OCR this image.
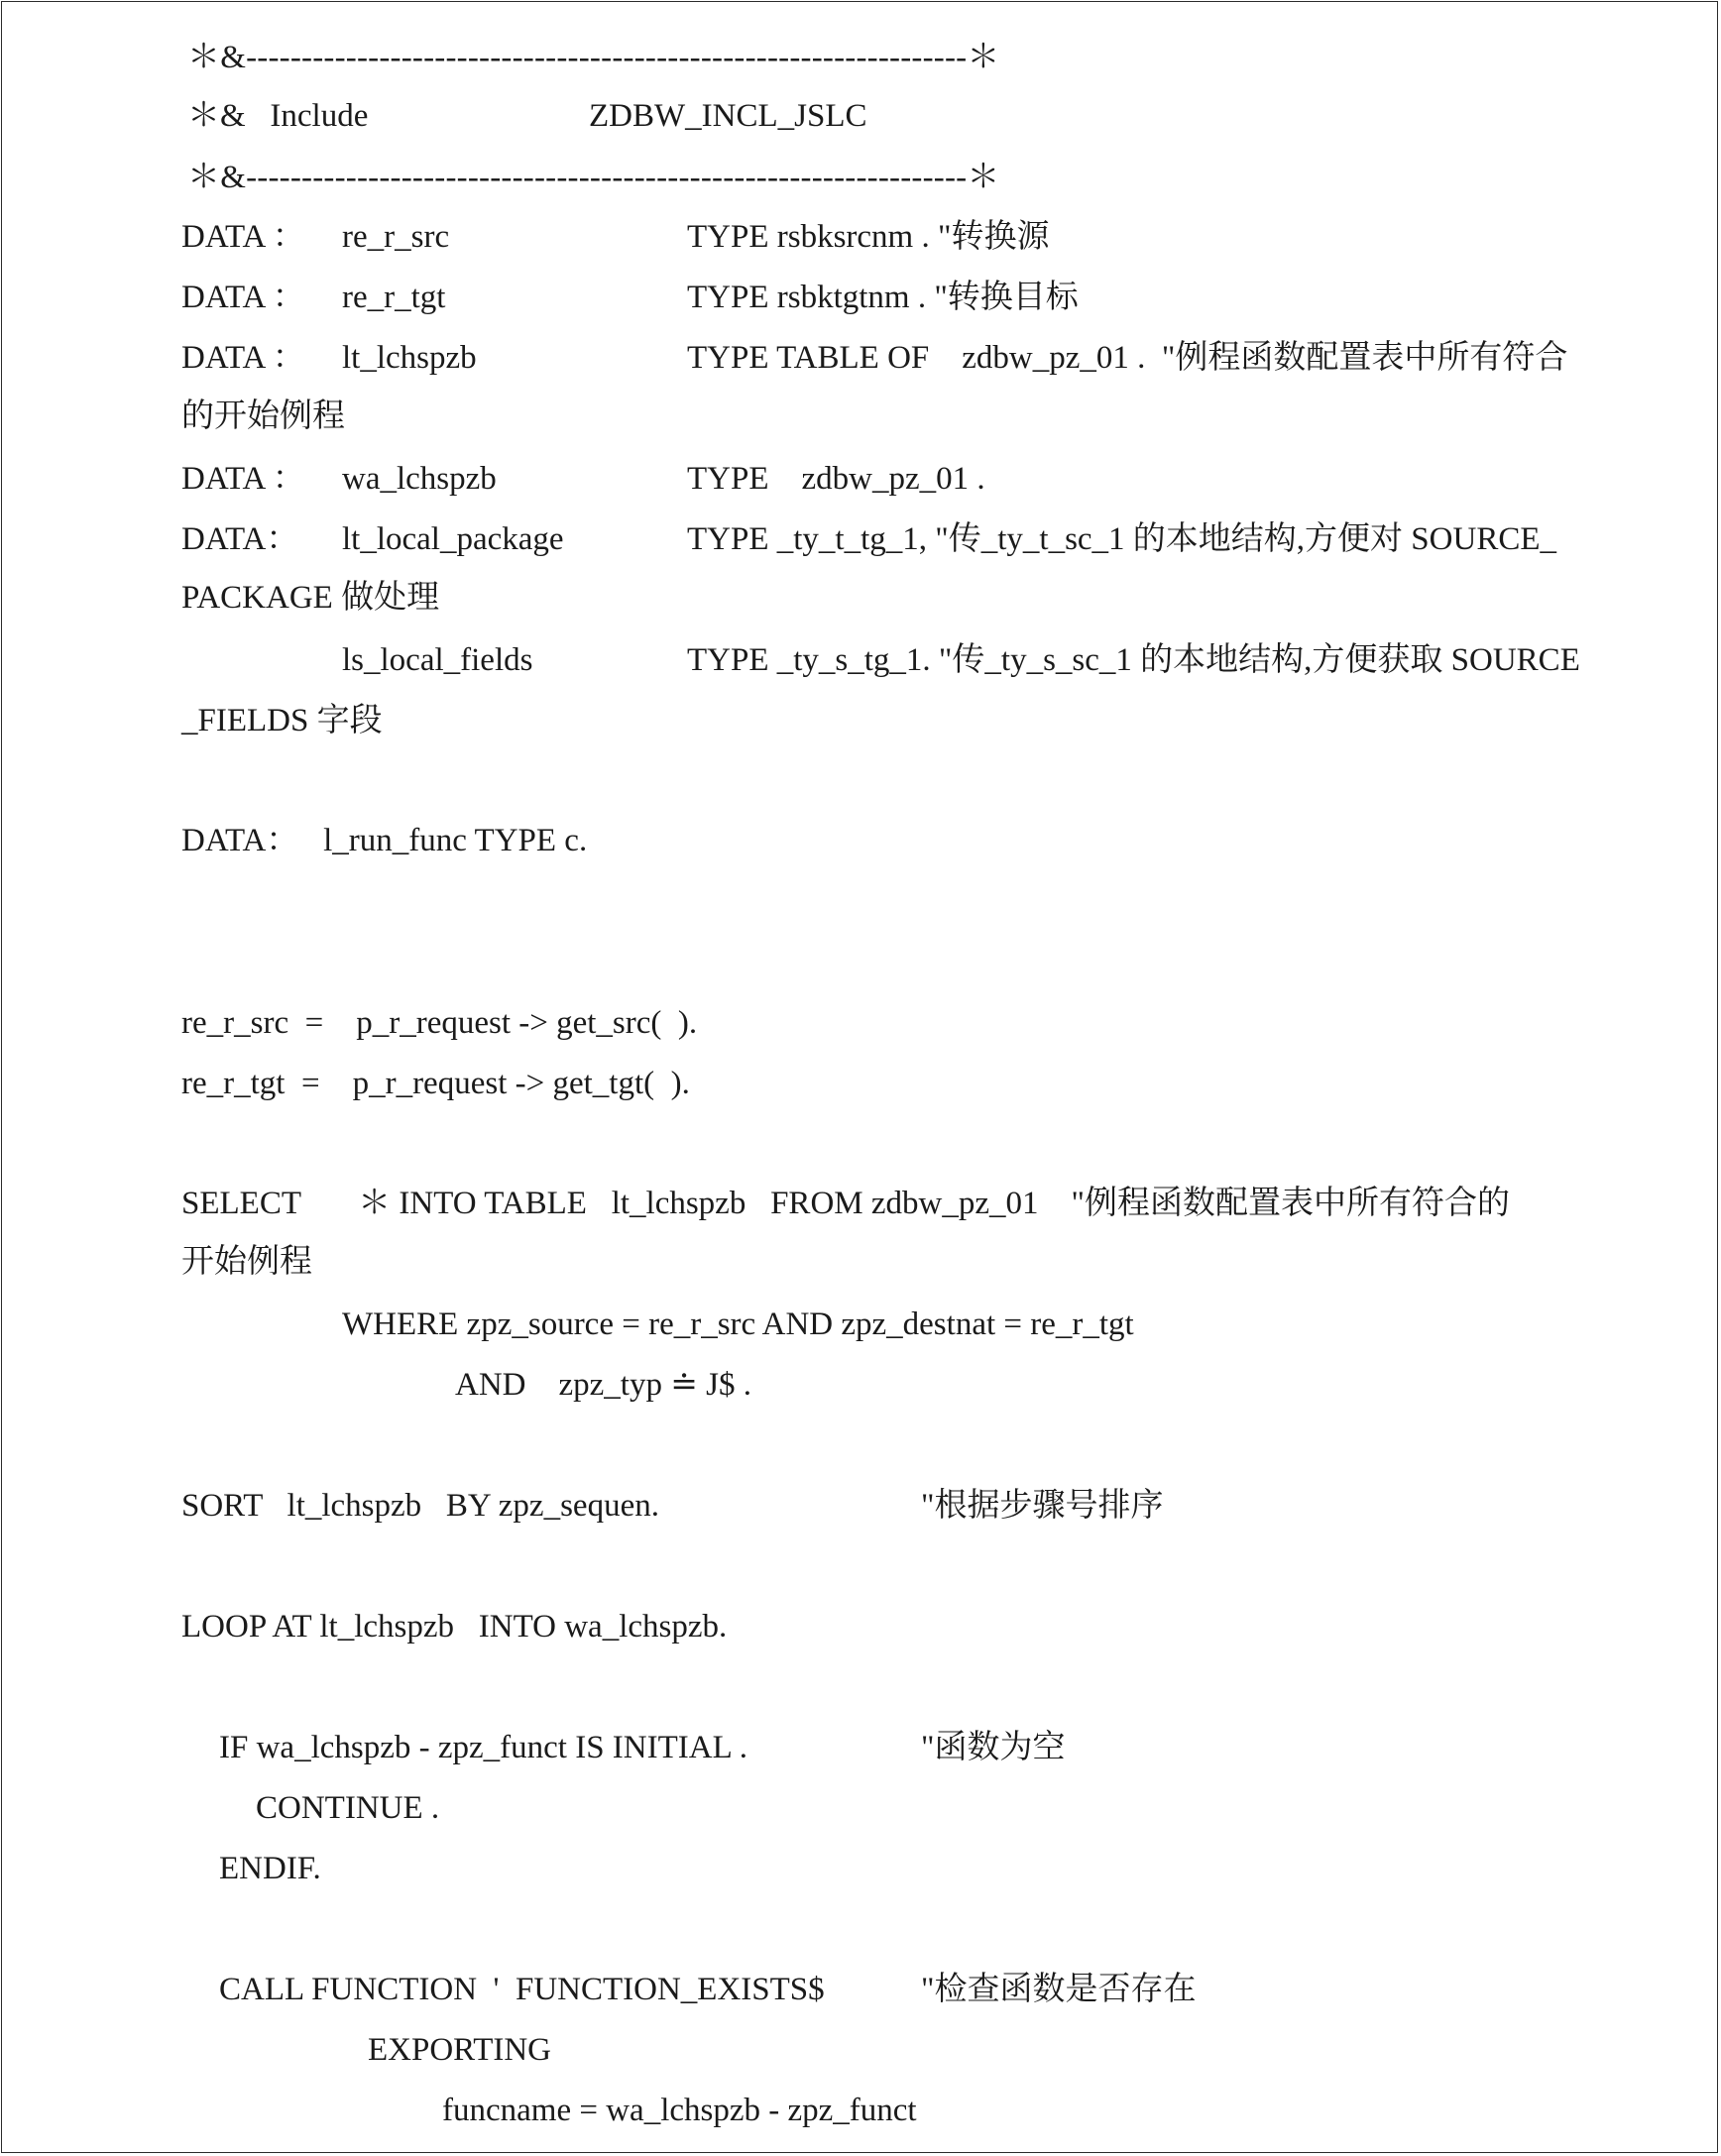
＊&-----------------------------------------------------------------＊
＊&   Include	ZDBW_INCL_JSLC
＊&-----------------------------------------------------------------＊
DATA ： re_r_src	TYPE rsbksrcnm . "转换源
DATA ： re_r_tgt	TYPE rsbktgtnm . "转换目标
DATA ： lt_lchspzb	TYPE TABLE OF    zdbw_pz_01 .  "例程函数配置表中所有符合
的开始例程
DATA ： wa_lchspzb	TYPE    zdbw_pz_01 .
DATA： lt_local_package	TYPE _ty_t_tg_1, "传_ty_t_sc_1 的本地结构,方便对 SOURCE_
PACKAGE 做处理
ls_local_fields	TYPE _ty_s_tg_1. "传_ty_s_sc_1 的本地结构,方便获取 SOURCE
_FIELDS 字段
DATA：   l_run_func TYPE c.
re_r_src  =    p_r_request -> get_src(  ).
re_r_tgt  =    p_r_request -> get_tgt(  ).
SELECT       ＊ INTO TABLE   lt_lchspzb   FROM zdbw_pz_01    "例程函数配置表中所有符合的
开始例程
WHERE zpz_source = re_r_src AND zpz_destnat = re_r_tgt
AND    zpz_typ ≐ J$ .
SORT   lt_lchspzb   BY zpz_sequen.	"根据步骤号排序
LOOP AT lt_lchspzb   INTO wa_lchspzb.
IF wa_lchspzb - zpz_funct IS INITIAL .	"函数为空
CONTINUE .
ENDIF.
CALL FUNCTION  '  FUNCTION_EXISTS$	"检查函数是否存在
EXPORTING
funcname = wa_lchspzb - zpz_funct
